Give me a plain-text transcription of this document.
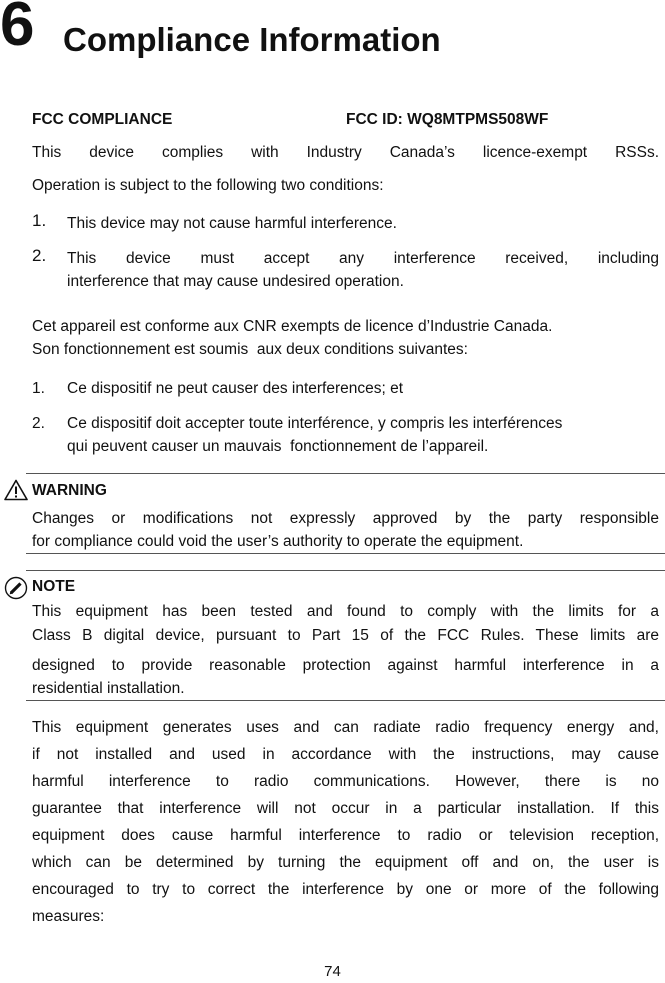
6 Compliance Information
FCC COMPLIANCE	FCC ID: WQ8MTPMS508WF
This device complies with Industry Canada’s licence-exempt RSSs.
Operation is subject to the following two conditions:
1. This device may not cause harmful interference.
2. This device must accept any interference received, including
interference that may cause undesired operation.
Cet appareil est conforme aux CNR exempts de licence d’Industrie Canada.
Son fonctionnement est soumis  aux deux conditions suivantes:
1. Ce dispositif ne peut causer des interferences; et
2. Ce dispositif doit accepter toute interférence, y compris les interférences
qui peuvent causer un mauvais  fonctionnement de l’appareil.
WARNING
Changes or modifications not expressly approved by the party responsible
for compliance could void the user’s authority to operate the equipment.
NOTE
This equipment has been tested and found to comply with the limits for a
Class B digital device, pursuant to Part 15 of the FCC Rules. These limits are
designed to provide reasonable protection against harmful interference in a
residential installation.
This equipment generates uses and can radiate radio frequency energy and,
if not installed and used in accordance with the instructions, may cause
harmful interference to radio communications. However, there is no
guarantee that interference will not occur in a particular installation. If this
equipment does cause harmful interference to radio or television reception,
which can be determined by turning the equipment off and on, the user is
encouraged to try to correct the interference by one or more of the following
measures:
74
